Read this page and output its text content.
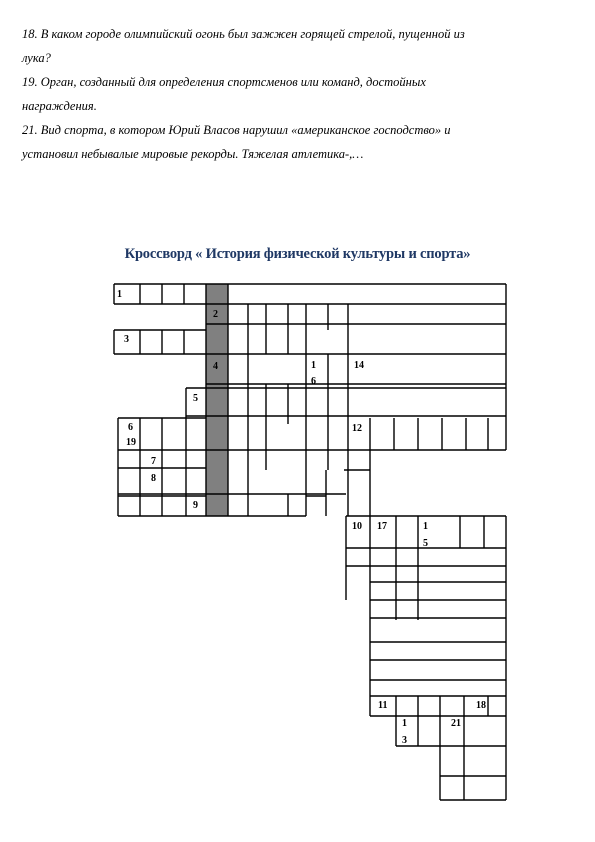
18. В каком городе олимпийский огонь был зажжен горящей стрелой, пущенной из
лука?
19. Орган, созданный для определения спортсменов или команд, достойных
награждения.
21. Вид спорта, в котором Юрий Власов нарушил «американское господство» и
установил небывалые мировые рекорды. Тяжелая атлетика-,…
Кроссворд « История физической культуры и спорта»
1
2
3
4	1
6
14
5
6
19
12
7
8
9
10 17	1
5
11	18
1
3
21
